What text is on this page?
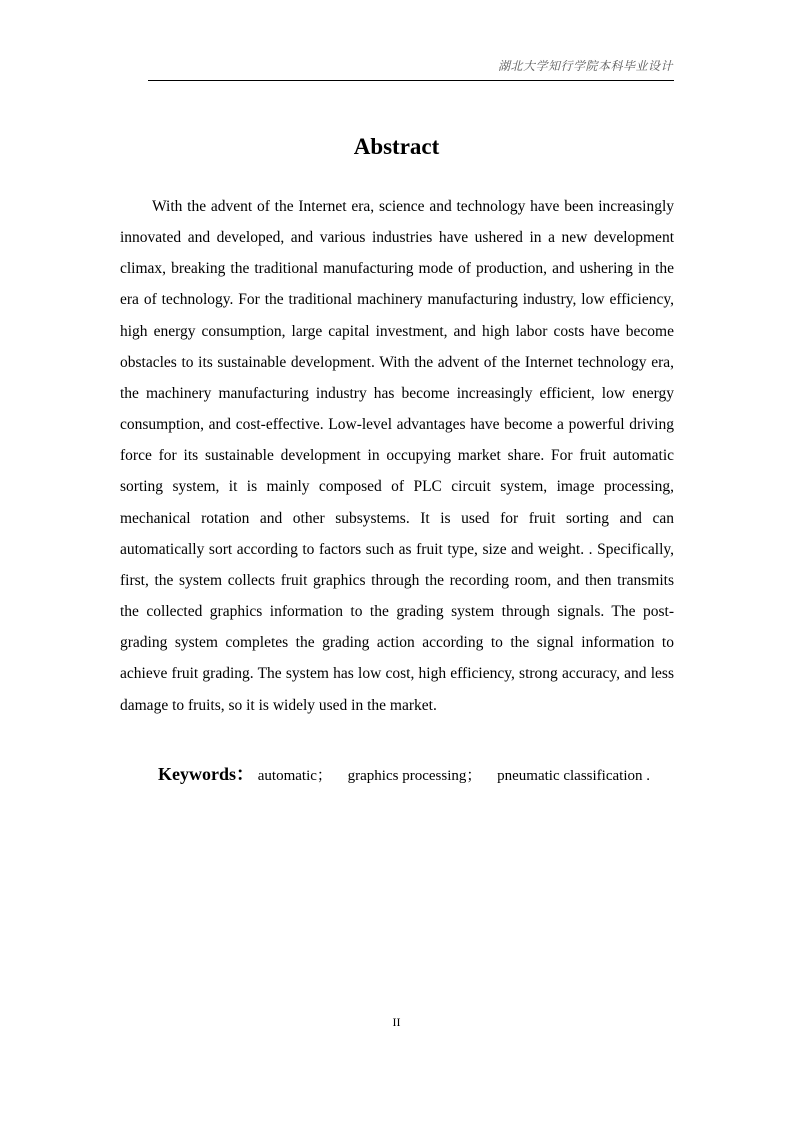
湖北大学知行学院本科毕业设计
Abstract

With the advent of the Internet era, science and technology have been increasingly innovated and developed, and various industries have ushered in a new development climax, breaking the traditional manufacturing mode of production, and ushering in the era of technology. For the traditional machinery manufacturing industry, low efficiency, high energy consumption, large capital investment, and high labor costs have become obstacles to its sustainable development. With the advent of the Internet technology era, the machinery manufacturing industry has become increasingly efficient, low energy consumption, and cost-effective. Low-level advantages have become a powerful driving force for its sustainable development in occupying market share. For fruit automatic sorting system, it is mainly composed of PLC circuit system, image processing, mechanical rotation and other subsystems. It is used for fruit sorting and can automatically sort according to factors such as fruit type, size and weight. . Specifically, first, the system collects fruit graphics through the recording room, and then transmits the collected graphics information to the grading system through signals. The post-grading system completes the grading action according to the signal information to achieve fruit grading. The system has low cost, high efficiency, strong accuracy, and less damage to fruits, so it is widely used in the market.

Keywords： automatic； graphics processing； pneumatic classification .
II
